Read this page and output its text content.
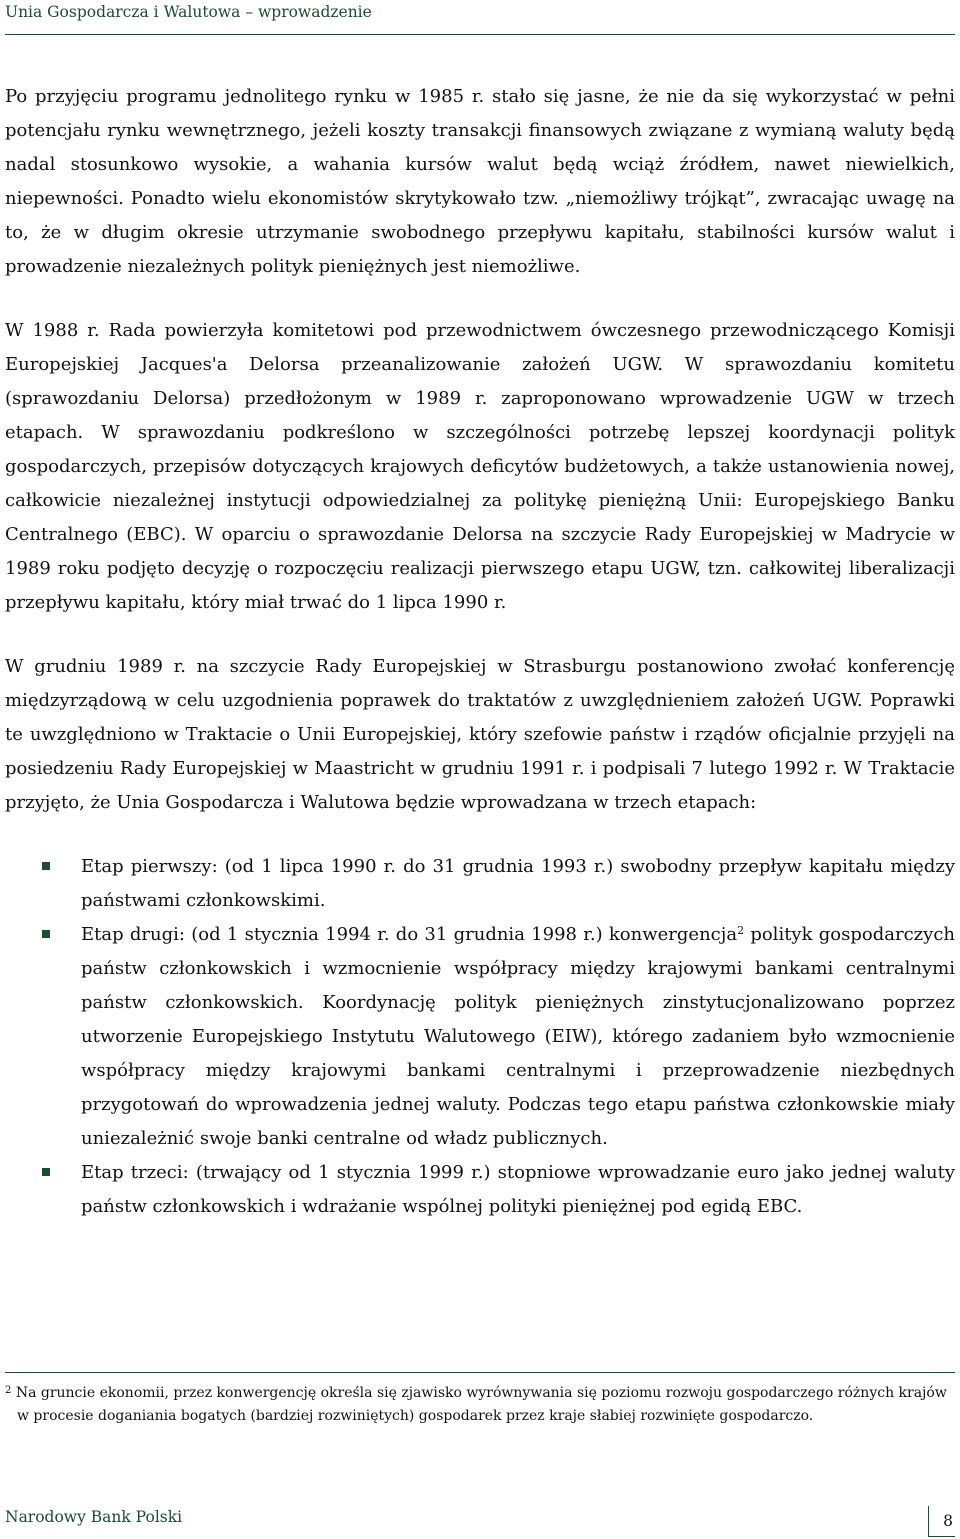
Unia Gospodarcza i Walutowa – wprowadzenie

Po przyjęciu programu jednolitego rynku w 1985 r. stało się jasne, że nie da się wykorzystać w pełni potencjału rynku wewnętrznego, jeżeli koszty transakcji finansowych związane z wymianą waluty będą nadal stosunkowo wysokie, a wahania kursów walut będą wciąż źródłem, nawet niewielkich, niepewności. Ponadto wielu ekonomistów skrytykowało tzw. „niemożliwy trójkąt”, zwracając uwagę na to, że w długim okresie utrzymanie swobodnego przepływu kapitału, stabilności kursów walut i prowadzenie niezależnych polityk pieniężnych jest niemożliwe.

W 1988 r. Rada powierzyła komitetowi pod przewodnictwem ówczesnego przewodniczącego Komisji Europejskiej Jacques'a Delorsa przeanalizowanie założeń UGW. W sprawozdaniu komitetu (sprawozdaniu Delorsa) przedłożonym w 1989 r. zaproponowano wprowadzenie UGW w trzech etapach. W sprawozdaniu podkreślono w szczególności potrzebę lepszej koordynacji polityk gospodarczych, przepisów dotyczących krajowych deficytów budżetowych, a także ustanowienia nowej, całkowicie niezależnej instytucji odpowiedzialnej za politykę pieniężną Unii: Europejskiego Banku Centralnego (EBC). W oparciu o sprawozdanie Delorsa na szczycie Rady Europejskiej w Madrycie w 1989 roku podjęto decyzję o rozpoczęciu realizacji pierwszego etapu UGW, tzn. całkowitej liberalizacji przepływu kapitału, który miał trwać do 1 lipca 1990 r.

W grudniu 1989 r. na szczycie Rady Europejskiej w Strasburgu postanowiono zwołać konferencję międzyrządową w celu uzgodnienia poprawek do traktatów z uwzględnieniem założeń UGW. Poprawki te uwzględniono w Traktacie o Unii Europejskiej, który szefowie państw i rządów oficjalnie przyjęli na posiedzeniu Rady Europejskiej w Maastricht w grudniu 1991 r. i podpisali 7 lutego 1992 r. W Traktacie przyjęto, że Unia Gospodarcza i Walutowa będzie wprowadzana w trzech etapach:

Etap pierwszy: (od 1 lipca 1990 r. do 31 grudnia 1993 r.) swobodny przepływ kapitału między państwami członkowskimi.
Etap drugi: (od 1 stycznia 1994 r. do 31 grudnia 1998 r.) konwergencja$^2$ polityk gospodarczych państw członkowskich i wzmocnienie współpracy między krajowymi bankami centralnymi państw członkowskich. Koordynację polityk pieniężnych zinstytucjonalizowano poprzez utworzenie Europejskiego Instytutu Walutowego (EIW), którego zadaniem było wzmocnienie współpracy między krajowymi bankami centralnymi i przeprowadzenie niezbędnych przygotowań do wprowadzenia jednej waluty. Podczas tego etapu państwa członkowskie miały uniezależnić swoje banki centralne od władz publicznych.
Etap trzeci: (trwający od 1 stycznia 1999 r.) stopniowe wprowadzanie euro jako jednej waluty państw członkowskich i wdrażanie wspólnej polityki pieniężnej pod egidą EBC.
$^2$ Na gruncie ekonomii, przez konwergencję określa się zjawisko wyrównywania się poziomu rozwoju gospodarczego różnych krajów w procesie doganiania bogatych (bardziej rozwiniętych) gospodarek przez kraje słabiej rozwinięte gospodarczo.
Narodowy Bank Polski	8
